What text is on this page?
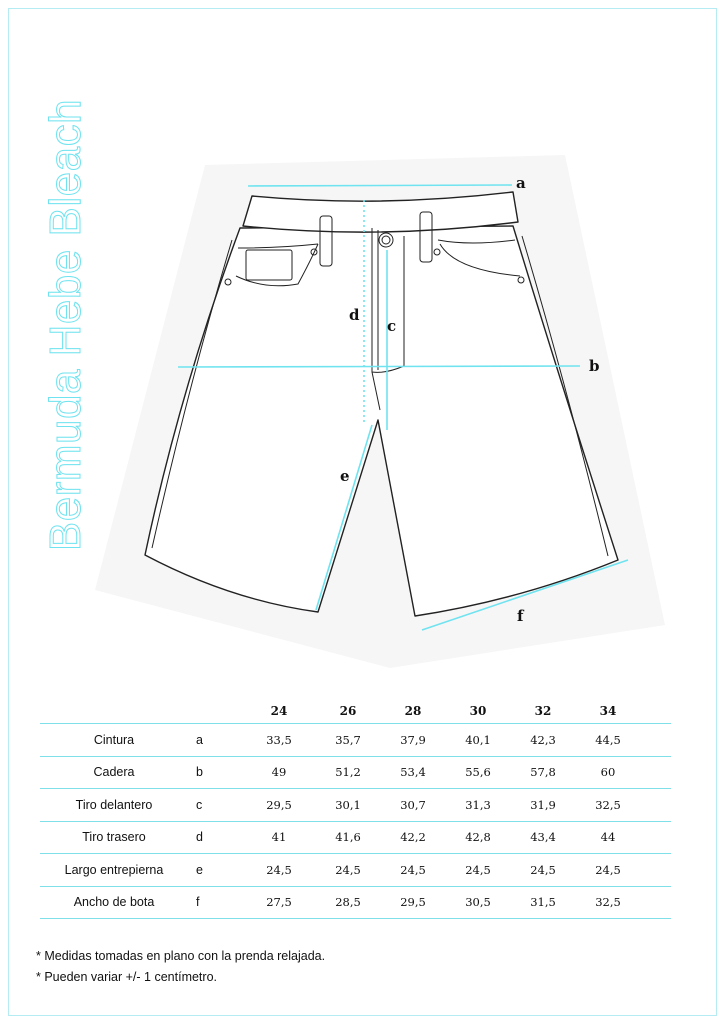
Bermuda Hebe Bleach	a
b
c
d
e
f
		24	26	28	30	32	34	
Cintura	a	33,5	35,7	37,9	40,1	42,3	44,5	
Cadera	b	49	51,2	53,4	55,6	57,8	60	
Tiro delantero	c	29,5	30,1	30,7	31,3	31,9	32,5	
Tiro trasero	d	41	41,6	42,2	42,8	43,4	44	
Largo entrepierna	e	24,5	24,5	24,5	24,5	24,5	24,5	
Ancho de bota	f	27,5	28,5	29,5	30,5	31,5	32,5	
* Medidas tomadas en plano con la prenda relajada.
* Pueden variar +/- 1 centímetro.
